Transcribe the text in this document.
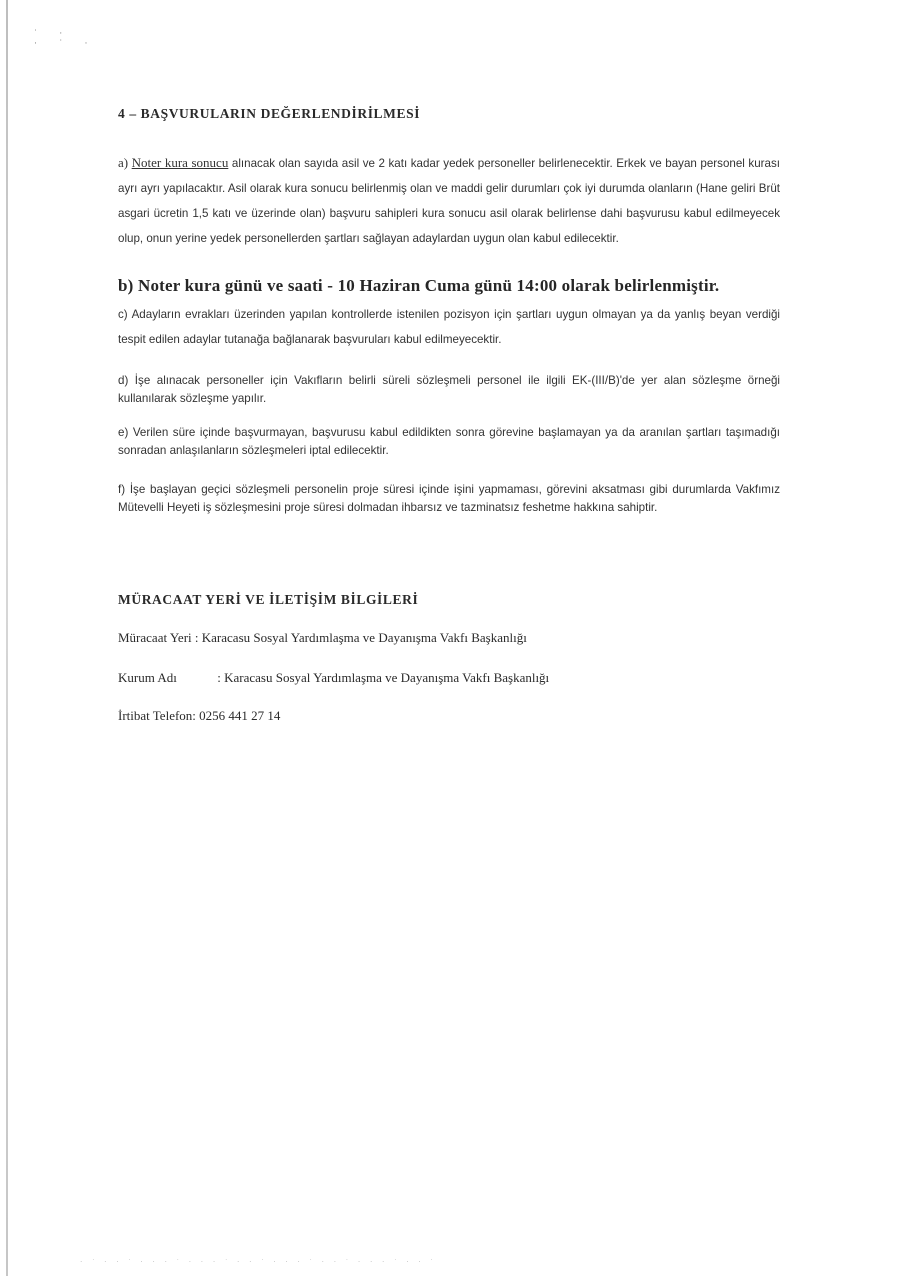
˙ ·
· ˙ ·
4 – BAŞVURULARIN DEĞERLENDİRİLMESİ

a) Noter kura sonucu alınacak olan sayıda asil ve 2 katı kadar yedek personeller belirlenecektir. Erkek ve bayan personel kurası ayrı ayrı yapılacaktır. Asil olarak kura sonucu belirlenmiş olan ve maddi gelir durumları çok iyi durumda olanların (Hane geliri Brüt asgari ücretin 1,5 katı ve üzerinde olan) başvuru sahipleri kura sonucu asil olarak belirlense dahi başvurusu kabul edilmeyecek olup, onun yerine yedek personellerden şartları sağlayan adaylardan uygun olan kabul edilecektir.

b) Noter kura günü ve saati - 10 Haziran Cuma günü 14:00 olarak belirlenmiştir.

c) Adayların evrakları üzerinden yapılan kontrollerde istenilen pozisyon için şartları uygun olmayan ya da yanlış beyan verdiği tespit edilen adaylar tutanağa bağlanarak başvuruları kabul edilmeyecektir.

d) İşe alınacak personeller için Vakıfların belirli süreli sözleşmeli personel ile ilgili EK-(III/B)'de yer alan sözleşme örneği kullanılarak sözleşme yapılır.

e) Verilen süre içinde başvurmayan, başvurusu kabul edildikten sonra görevine başlamayan ya da aranılan şartları taşımadığı sonradan anlaşılanların sözleşmeleri iptal edilecektir.

f) İşe başlayan geçici sözleşmeli personelin proje süresi içinde işini yapmaması, görevini aksatması gibi durumlarda Vakfımız Mütevelli Heyeti iş sözleşmesini proje süresi dolmadan ihbarsız ve tazminatsız feshetme hakkına sahiptir.

MÜRACAAT YERİ VE İLETİŞİM BİLGİLERİ

Müracaat Yeri : Karacasu Sosyal Yardımlaşma ve Dayanışma Vakfı Başkanlığı

Kurum Adı	: Karacasu Sosyal Yardımlaşma ve Dayanışma Vakfı Başkanlığı

İrtibat Telefon: 0256 441 27 14

· ˙ · · ˙ · · · ˙ · · · ˙ · · ˙ · · · ˙ · · ˙ · · · ˙ · · ˙
